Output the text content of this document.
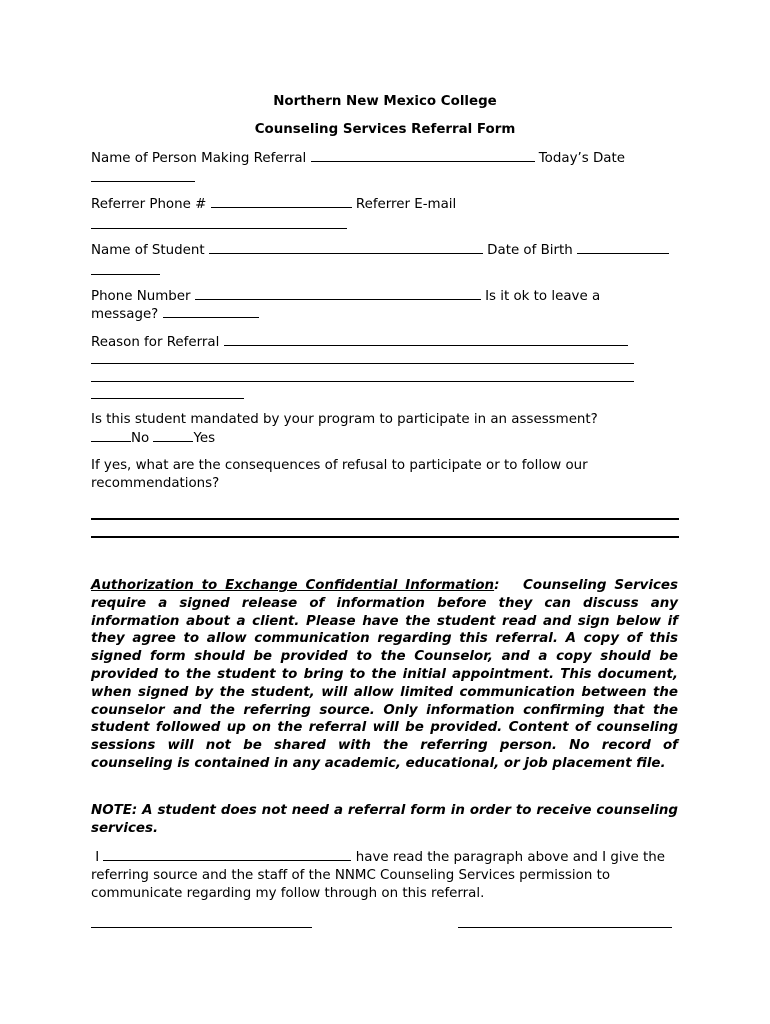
Northern New Mexico College
Counseling Services Referral Form
Name of Person Making Referral	Today’s Date
Referrer Phone #	Referrer E-mail
Name of Student	Date of Birth
Phone Number	Is it ok to leave a
message?
Reason for Referral
Is this student mandated by your program to participate in an assessment?
No	Yes
If yes, what are the consequences of refusal to participate or to follow our
recommendations?

Authorization to Exchange Confidential Information: Counseling Services require a signed release of information before they can discuss any information about a client. Please have the student read and sign below if they agree to allow communication regarding this referral. A copy of this signed form should be provided to the Counselor, and a copy should be provided to the student to bring to the initial appointment. This document, when signed by the student, will allow limited communication between the counselor and the referring source. Only information confirming that the student followed up on the referral will be provided. Content of counseling sessions will not be shared with the referring person. No record of counseling is contained in any academic, educational, or job placement file.

NOTE: A student does not need a referral form in order to receive counseling services.

I	have read the paragraph above and I give the referring source and the staff of the NNMC Counseling Services permission to communicate regarding my follow through on this referral.
